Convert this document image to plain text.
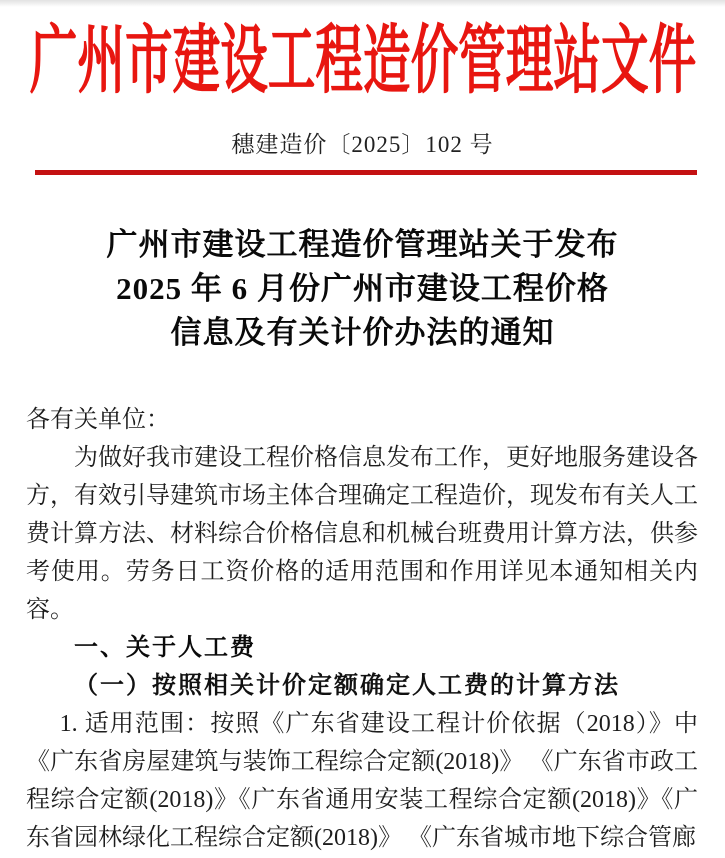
广州市建设工程造价管理站文件
穗建造价〔2025〕102 号
广州市建设工程造价管理站关于发布
2025 年 6 月份广州市建设工程价格
信息及有关计价办法的通知

各有关单位：

为做好我市建设工程价格信息发布工作，更好地服务建设各方，有效引导建筑市场主体合理确定工程造价，现发布有关人工费计算方法、材料综合价格信息和机械台班费用计算方法，供参考使用。劳务日工资价格的适用范围和作用详见本通知相关内容。

一、关于人工费

（一）按照相关计价定额确定人工费的计算方法

1. 适用范围：按照《广东省建设工程计价依据（2018）》中《广东省房屋建筑与装饰工程综合定额(2018)》 《广东省市政工程综合定额(2018)》《广东省通用安装工程综合定额(2018)》《广东省园林绿化工程综合定额(2018)》 《广东省城市地下综合管廊
